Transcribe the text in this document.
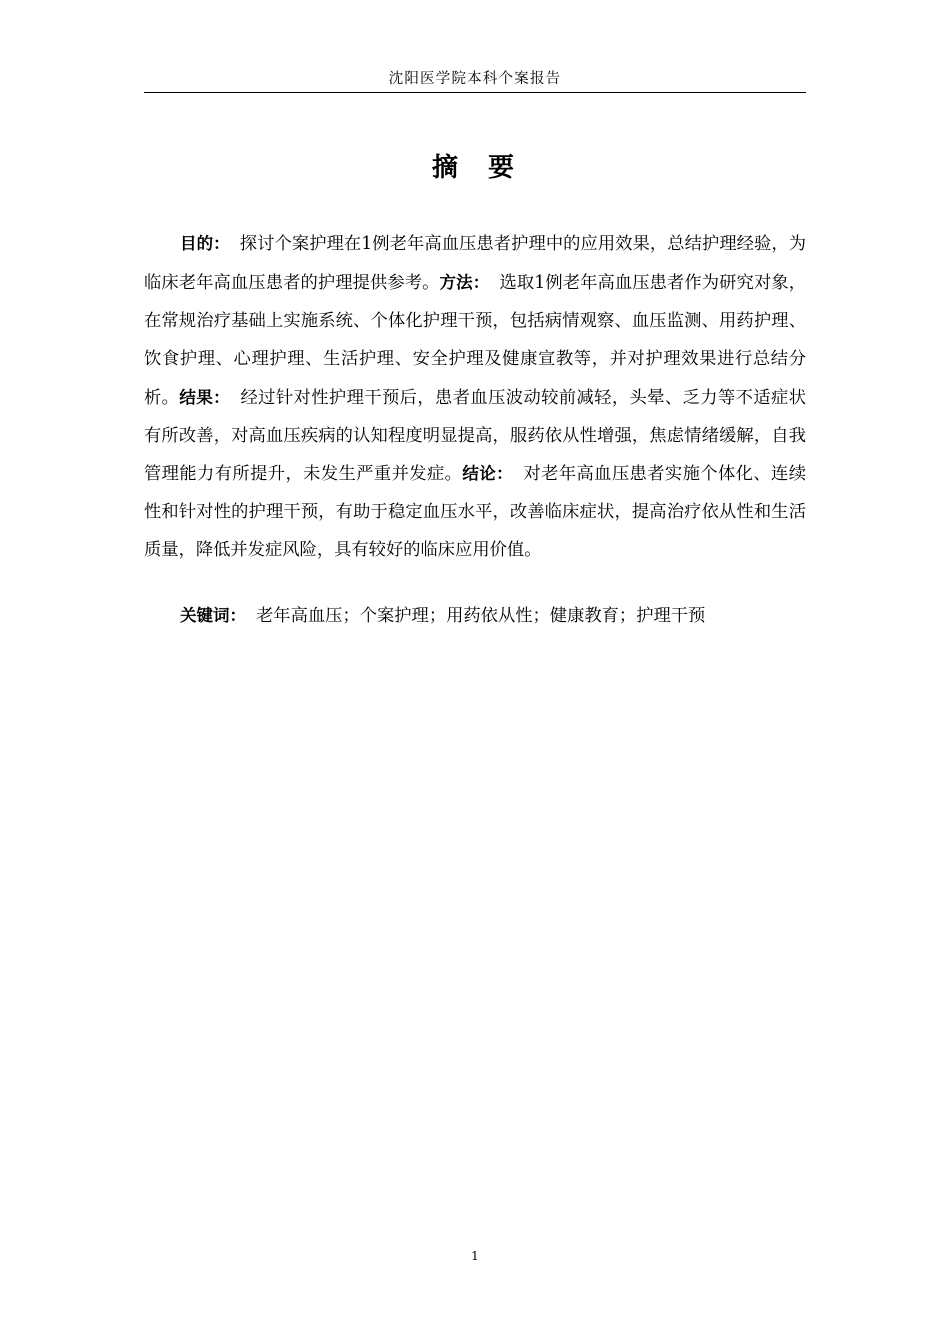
沈阳医学院本科个案报告
摘 要

目的： 探讨个案护理在1例老年高血压患者护理中的应用效果，总结护理经验，为临床老年高血压患者的护理提供参考。方法： 选取1例老年高血压患者作为研究对象，在常规治疗基础上实施系统、个体化护理干预，包括病情观察、血压监测、用药护理、饮食护理、心理护理、生活护理、安全护理及健康宣教等，并对护理效果进行总结分析。结果： 经过针对性护理干预后，患者血压波动较前减轻，头晕、乏力等不适症状有所改善，对高血压疾病的认知程度明显提高，服药依从性增强，焦虑情绪缓解，自我管理能力有所提升，未发生严重并发症。结论： 对老年高血压患者实施个体化、连续性和针对性的护理干预，有助于稳定血压水平，改善临床症状，提高治疗依从性和生活质量，降低并发症风险，具有较好的临床应用价值。

关键词： 老年高血压；个案护理；用药依从性；健康教育；护理干预

1
